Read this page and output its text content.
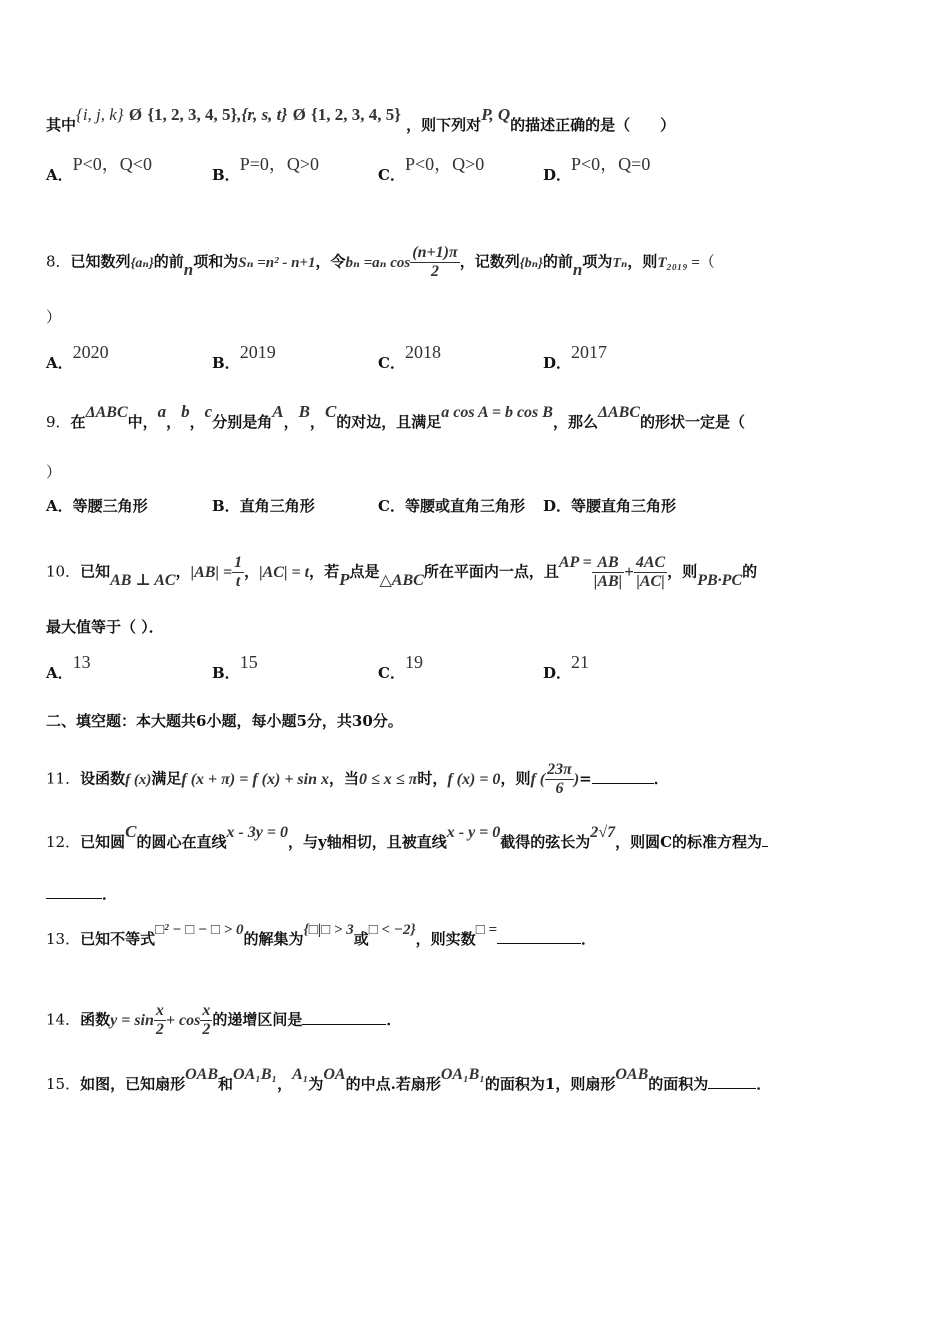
其中{i, j, k} Ø {1, 2, 3, 4, 5},{r, s, t} Ø {1, 2, 3, 4, 5} ，则下列对P, Q的描述正确的是（　　）
A．P<0，Q<0
B．P=0，Q>0
C．P<0，Q>0
D．P<0，Q=0
8．已知数列{aₙ}的前n项和为Sₙ =n² - n+1，令bₙ =aₙ $\cos \frac{(n+1)\pi}{2}$ ，记数列{bₙ}的前n项为Tₙ，则T₂₀₁₉ =（
）
A．2020
B．2019
C．2018
D．2017
9．在ΔABC中，a，b，c分别是角A，B，C的对边，且满足a cos A = b cos B，那么ΔABC的形状一定是（
）
A．等腰三角形	B．直角三角形	C．等腰或直角三角形 D．等腰直角三角形
10．已知AB ⊥ AC，$|AB| = \frac{1}{t}$ ，|AC| = t，若P点是△ABC所在平面内一点，且AP = $\frac{AB}{|AB|} + \frac{4AC}{|AC|}$ ，则PB·PC的
最大值等于（ ）．
A．13
B．15
C．19
D．21
二、填空题：本大题共6小题，每小题5分，共30分。
11．设函数f (x)满足f (x + π) = f (x) + sin x，当0 ≤ x ≤ π时，f (x) = 0，则f ( $\frac{23\pi}{6}$ )=	．
12．已知圆C的圆心在直线x - 3y = 0，与y轴相切，且被直线x - y = 0截得的弦长为2√7，则圆C的标准方程为
．
13．已知不等式□² − □ − □ > 0的解集为{□|□ > 3或□ < −2}，则实数□ =	．
14．函数$y = \sin \frac{x}{2} + \cos \frac{x}{2}$ 的递增区间是	．
15．如图，已知扇形OAB和OA₁B₁，A₁为OA的中点.若扇形OA₁B₁的面积为1，则扇形OAB的面积为	．
